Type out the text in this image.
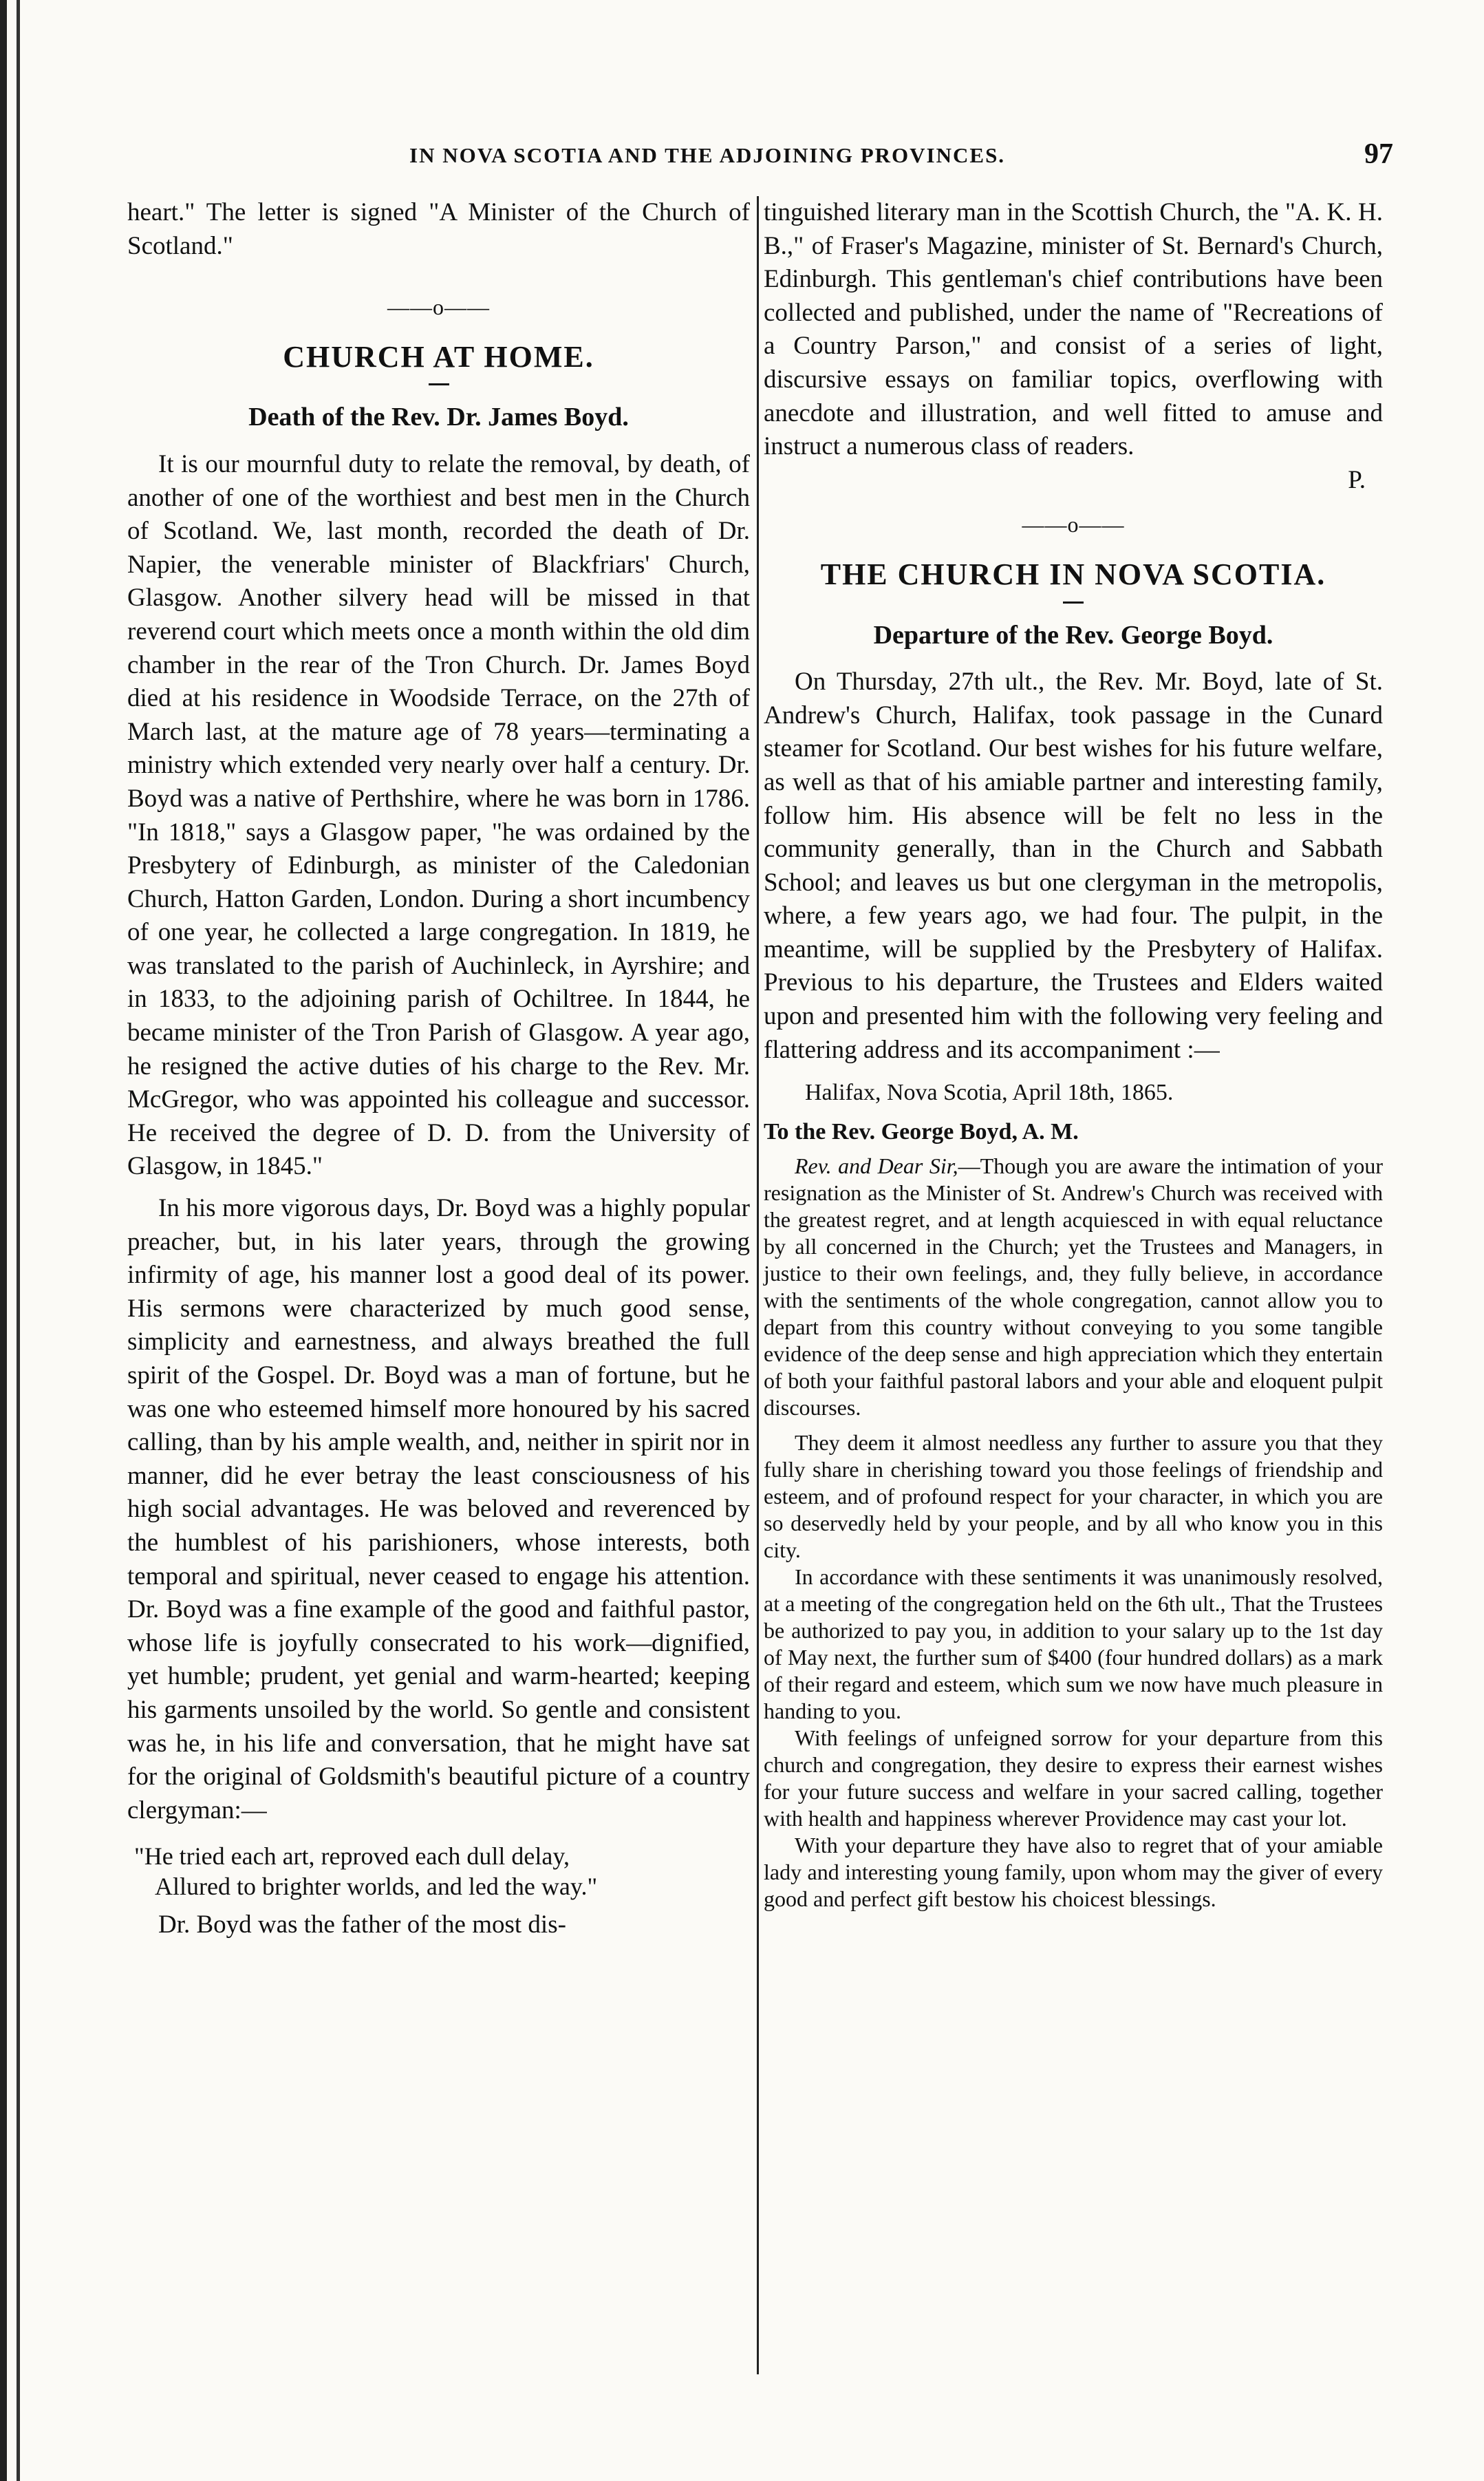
IN NOVA SCOTIA AND THE ADJOINING PROVINCES.	97

heart." The letter is signed "A Minister of the Church of Scotland."

——o——
CHURCH AT HOME.
Death of the Rev. Dr. James Boyd.

It is our mournful duty to relate the removal, by death, of another of one of the worthiest and best men in the Church of Scotland. We, last month, recorded the death of Dr. Napier, the venerable minister of Blackfriars' Church, Glasgow. Another silvery head will be missed in that reverend court which meets once a month within the old dim chamber in the rear of the Tron Church. Dr. James Boyd died at his residence in Woodside Terrace, on the 27th of March last, at the mature age of 78 years—terminating a ministry which extended very nearly over half a century. Dr. Boyd was a native of Perthshire, where he was born in 1786. "In 1818," says a Glasgow paper, "he was ordained by the Presbytery of Edinburgh, as minister of the Caledonian Church, Hatton Garden, London. During a short incumbency of one year, he collected a large congregation. In 1819, he was translated to the parish of Auchinleck, in Ayrshire; and in 1833, to the adjoining parish of Ochiltree. In 1844, he became minister of the Tron Parish of Glasgow. A year ago, he resigned the active duties of his charge to the Rev. Mr. McGregor, who was appointed his colleague and successor. He received the degree of D. D. from the University of Glasgow, in 1845."

In his more vigorous days, Dr. Boyd was a highly popular preacher, but, in his later years, through the growing infirmity of age, his manner lost a good deal of its power. His sermons were characterized by much good sense, simplicity and earnestness, and always breathed the full spirit of the Gospel. Dr. Boyd was a man of fortune, but he was one who esteemed himself more honoured by his sacred calling, than by his ample wealth, and, neither in spirit nor in manner, did he ever betray the least consciousness of his high social advantages. He was beloved and reverenced by the humblest of his parishioners, whose interests, both temporal and spiritual, never ceased to engage his attention. Dr. Boyd was a fine example of the good and faithful pastor, whose life is joyfully consecrated to his work—dignified, yet humble; prudent, yet genial and warm-hearted; keeping his garments unsoiled by the world. So gentle and consistent was he, in his life and conversation, that he might have sat for the original of Goldsmith's beautiful picture of a country clergyman:—

"He tried each art, reproved each dull delay,
Allured to brighter worlds, and led the way."

Dr. Boyd was the father of the most dis-

tinguished literary man in the Scottish Church, the "A. K. H. B.," of Fraser's Magazine, minister of St. Bernard's Church, Edinburgh. This gentleman's chief contributions have been collected and published, under the name of "Recreations of a Country Parson," and consist of a series of light, discursive essays on familiar topics, overflowing with anecdote and illustration, and well fitted to amuse and instruct a numerous class of readers.

P.

——o——
THE CHURCH IN NOVA SCOTIA.
Departure of the Rev. George Boyd.

On Thursday, 27th ult., the Rev. Mr. Boyd, late of St. Andrew's Church, Halifax, took passage in the Cunard steamer for Scotland. Our best wishes for his future welfare, as well as that of his amiable partner and interesting family, follow him. His absence will be felt no less in the community generally, than in the Church and Sabbath School; and leaves us but one clergyman in the metropolis, where, a few years ago, we had four. The pulpit, in the meantime, will be supplied by the Presbytery of Halifax. Previous to his departure, the Trustees and Elders waited upon and presented him with the following very feeling and flattering address and its accompaniment :—

Halifax, Nova Scotia, April 18th, 1865.
To the Rev. George Boyd, A. M.
Rev. and Dear Sir,—Though you are aware the intimation of your resignation as the Minister of St. Andrew's Church was received with the greatest regret, and at length acquiesced in with equal reluctance by all concerned in the Church; yet the Trustees and Managers, in justice to their own feelings, and, they fully believe, in accordance with the sentiments of the whole congregation, cannot allow you to depart from this country without conveying to you some tangible evidence of the deep sense and high appreciation which they entertain of both your faithful pastoral labors and your able and eloquent pulpit discourses.

They deem it almost needless any further to assure you that they fully share in cherishing toward you those feelings of friendship and esteem, and of profound respect for your character, in which you are so deservedly held by your people, and by all who know you in this city.

In accordance with these sentiments it was unanimously resolved, at a meeting of the congregation held on the 6th ult., That the Trustees be authorized to pay you, in addition to your salary up to the 1st day of May next, the further sum of $400 (four hundred dollars) as a mark of their regard and esteem, which sum we now have much pleasure in handing to you.

With feelings of unfeigned sorrow for your departure from this church and congregation, they desire to express their earnest wishes for your future success and welfare in your sacred calling, together with health and happiness wherever Providence may cast your lot.

With your departure they have also to regret that of your amiable lady and interesting young family, upon whom may the giver of every good and perfect gift bestow his choicest blessings.
